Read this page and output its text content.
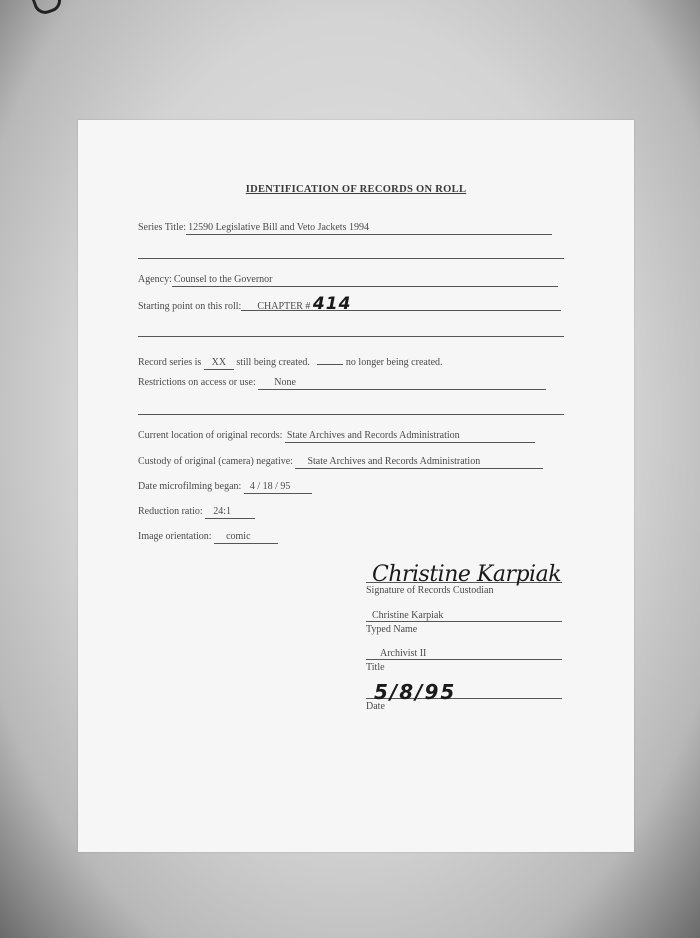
IDENTIFICATION OF RECORDS ON ROLL
Series Title: 12590 Legislative Bill and Veto Jackets 1994
Agency: Counsel to the Governor
Starting point on this roll: CHAPTER # 414
Record series is XX still being created.	no longer being created.
Restrictions on access or use: None
Current location of original records: State Archives and Records Administration
Custody of original (camera) negative: State Archives and Records Administration
Date microfilming began: 4 / 18 / 95
Reduction ratio: 24:1
Image orientation: comic
Christine Karpiak
Signature of Records Custodian
Christine Karpiak
Typed Name
Archivist II
Title
5/8/95
Date
